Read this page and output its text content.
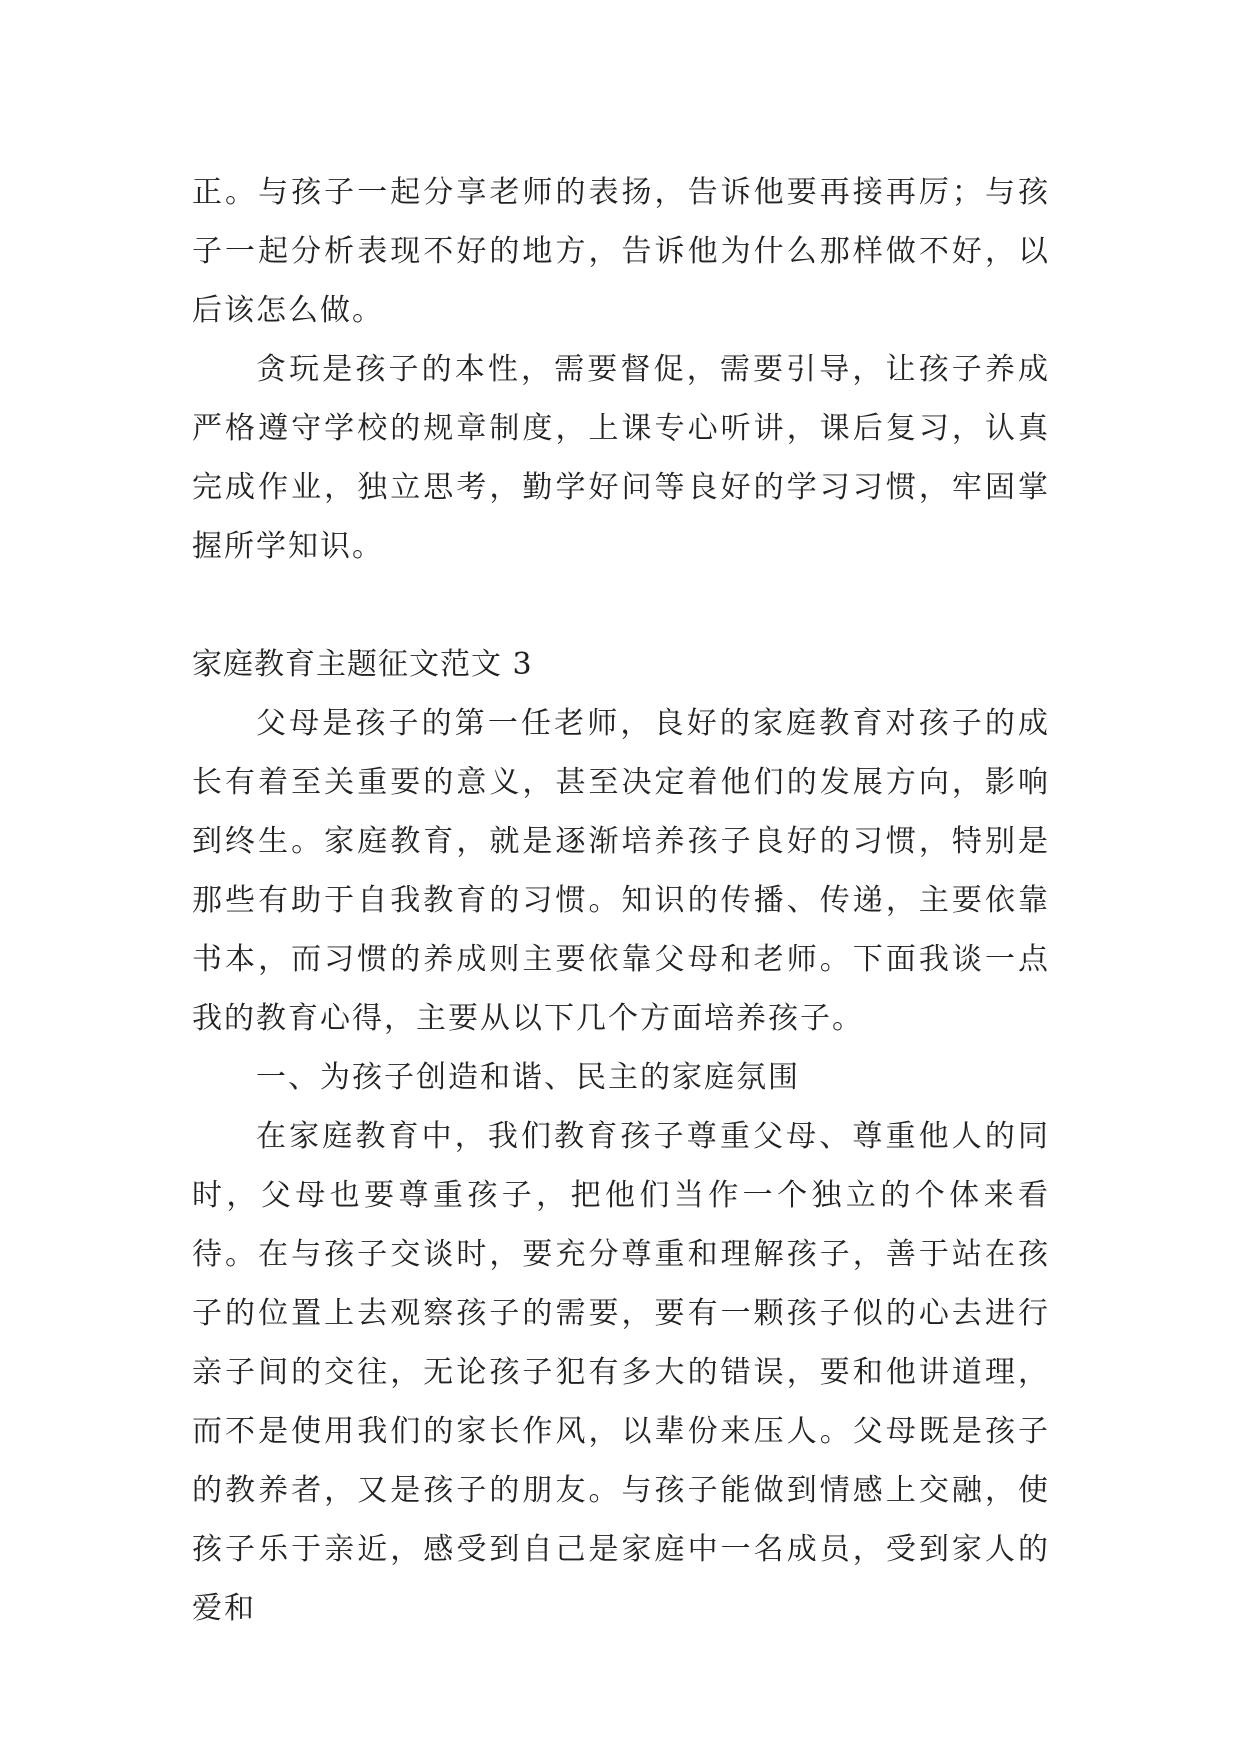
正。与孩子一起分享老师的表扬，告诉他要再接再厉；与孩子一起分析表现不好的地方，告诉他为什么那样做不好，以后该怎么做。

贪玩是孩子的本性，需要督促，需要引导，让孩子养成严格遵守学校的规章制度，上课专心听讲，课后复习，认真完成作业，独立思考，勤学好问等良好的学习习惯，牢固掌握所学知识。

家庭教育主题征文范文 3

父母是孩子的第一任老师，良好的家庭教育对孩子的成长有着至关重要的意义，甚至决定着他们的发展方向，影响到终生。家庭教育，就是逐渐培养孩子良好的习惯，特别是那些有助于自我教育的习惯。知识的传播、传递，主要依靠书本，而习惯的养成则主要依靠父母和老师。下面我谈一点我的教育心得，主要从以下几个方面培养孩子。

一、为孩子创造和谐、民主的家庭氛围

在家庭教育中，我们教育孩子尊重父母、尊重他人的同时，父母也要尊重孩子，把他们当作一个独立的个体来看待。在与孩子交谈时，要充分尊重和理解孩子，善于站在孩子的位置上去观察孩子的需要，要有一颗孩子似的心去进行亲子间的交往，无论孩子犯有多大的错误，要和他讲道理，而不是使用我们的家长作风，以辈份来压人。父母既是孩子的教养者，又是孩子的朋友。与孩子能做到情感上交融，使孩子乐于亲近，感受到自己是家庭中一名成员，受到家人的爱和
